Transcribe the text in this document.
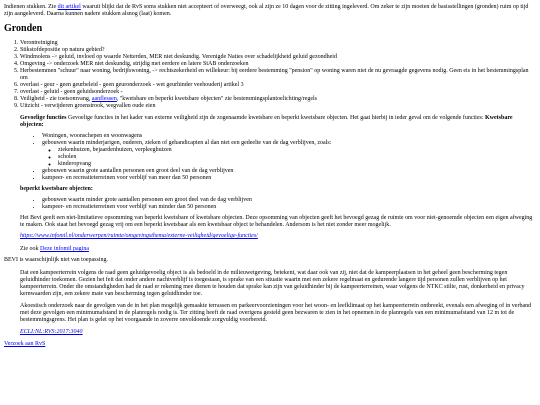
Indienen stukken. Zie dit artikel waaruit blijkt dat de RvS soms stukken niet accepteert of overweegt, ook al zijn ze 10 dagen voor de zitting ingeleverd. Om zeker te zijn moeten de basisstellingen (gronden) ruim op tijd zijn aangeleverd. Daarna kunnen nadere stukken alsnog (laat) komen.

Gronden
1. Verontreiniging
2. Stikstofdepositie op natura gebied?
3. Windmolens -> geluid, invloed op waarde Netterden, MER niet deskundig. Verenigde Naties over schadelijkheid geluid gezondheid
4. Omgeving -> onderzoek MER niet deskundig, strijdig met eerdere en latere StAB onderzoeken
5. Herbestemmen "schuur" naar woning, bedrijfswoning, -> rechtszekerheid en willekeur: bij eerdere bestemming "pension" op woning waren niet de nu gevraagde gegevens nodig. Geen eis in het bestemmingsplan om
6. overlast - geur - geen geurbeleid - geen geuronderzoek - wet geurhinder veehouderij artikel 3
7. overlast - geluid - geen geluidsonderzoek -
8. Veiligheid - zie toetsomvang, aanflessen, "kwetsbare en beperkt kwetsbare objecten" zie bestemmingsplantoelichting/regels
9. Uitzicht - verwijderen groenstrook, wegvallen oude eien

Gevoelige functies Gevoelige functies in het kader van externe veiligheid zijn de zogenaamde kwetsbare en beperkt kwetsbare objecten. Het gaat hierbij in ieder geval om de volgende functies: Kwetsbare objecten:

• Woningen, woonschepen en woonwagens
• gebouwen waarin minderjarigen, ouderen, zieken of gehandicapten al dan niet een gedeelte van de dag verblijven, zoals:
◦ ziekenhuizen, bejaardenhuizen, verpleeghuizen
◦ scholen
◦ kinderopvang
• gebouwen waarin grote aantallen personen een groot deel van de dag verblijven
• kampeer- en recreatieterreinen voor verblijf van meer dan 50 personen

beperkt kwetsbare objecten:

• gebouwen waarin minder grote aantallen personen een groot deel van de dag verblijven
• kampeer- en recreatieterreinen voor verblijf van minder dan 50 personen

Het Bevi geeft een niet-limitatieve opsomming van beperkt kwetsbare of kwetsbare objecten. Deze opsomming van objecten geeft het bevoegd gezag de ruimte om voor niet-genoemde objecten een eigen afweging te maken. Ook staat het bevoegd gezag vrij om een beperkt kwetsbaar als een kwetsbaar object te behandelen. Andersom is het niet zonder meer mogelijk.

https://www.infomil.nl/onderwerpen/ruimte/omgevingsthema/externe-veiligheid/gevoelige-functies/

Zie ook Deze infomil pagina

BEVI is waarschijnlijk niet van toepassing.

Dat een kampeerterrein volgens de raad geen geluidgevoelig object is als bedoeld in de milieuwetgeving, betekent, wat daar ook van zij, niet dat de kampeerplaatsen in het geheel geen bescherming tegen geluidhinder toekomen. Gezien het feit dat onder andere nachtverblijf is toegestaan, is sprake van een situatie waarin met een zekere regelmaat en gedurende langere tijd personen zullen verblijven op het kampeerterrein. Onder die omstandigheden had de raad er rekening mee dienen te houden dat sprake kan zijn van geluidhinder bij de kampeerterreinen, waar volgens de NTKC stilte, rust, donkerheid en privacy kernwaarden zijn, een zekere mate van bescherming tegen geluidhinder toe.

Akoestisch onderzoek naar de gevolgen van de in het plan mogelijk gemaakte terrassen en parkeervoorzieningen voor het woon- en leefklimaat op het kampeerterrein ontbreekt, evenals een afweging of in verband met deze gevolgen een minimumafstand in de planregels nodig is. Ter zitting heeft de raad overigens gesteld geen bezwaren te zien in het opnemen in de planregels van een minimumafstand van 12 m tot de bestemmingsgrens. Het plan is gelet op het voorgaande in zoverre onvoldoende zorgvuldig voorbereid.

ECLI:NL:RVS:2017:3040

Verzoek aan RvS
